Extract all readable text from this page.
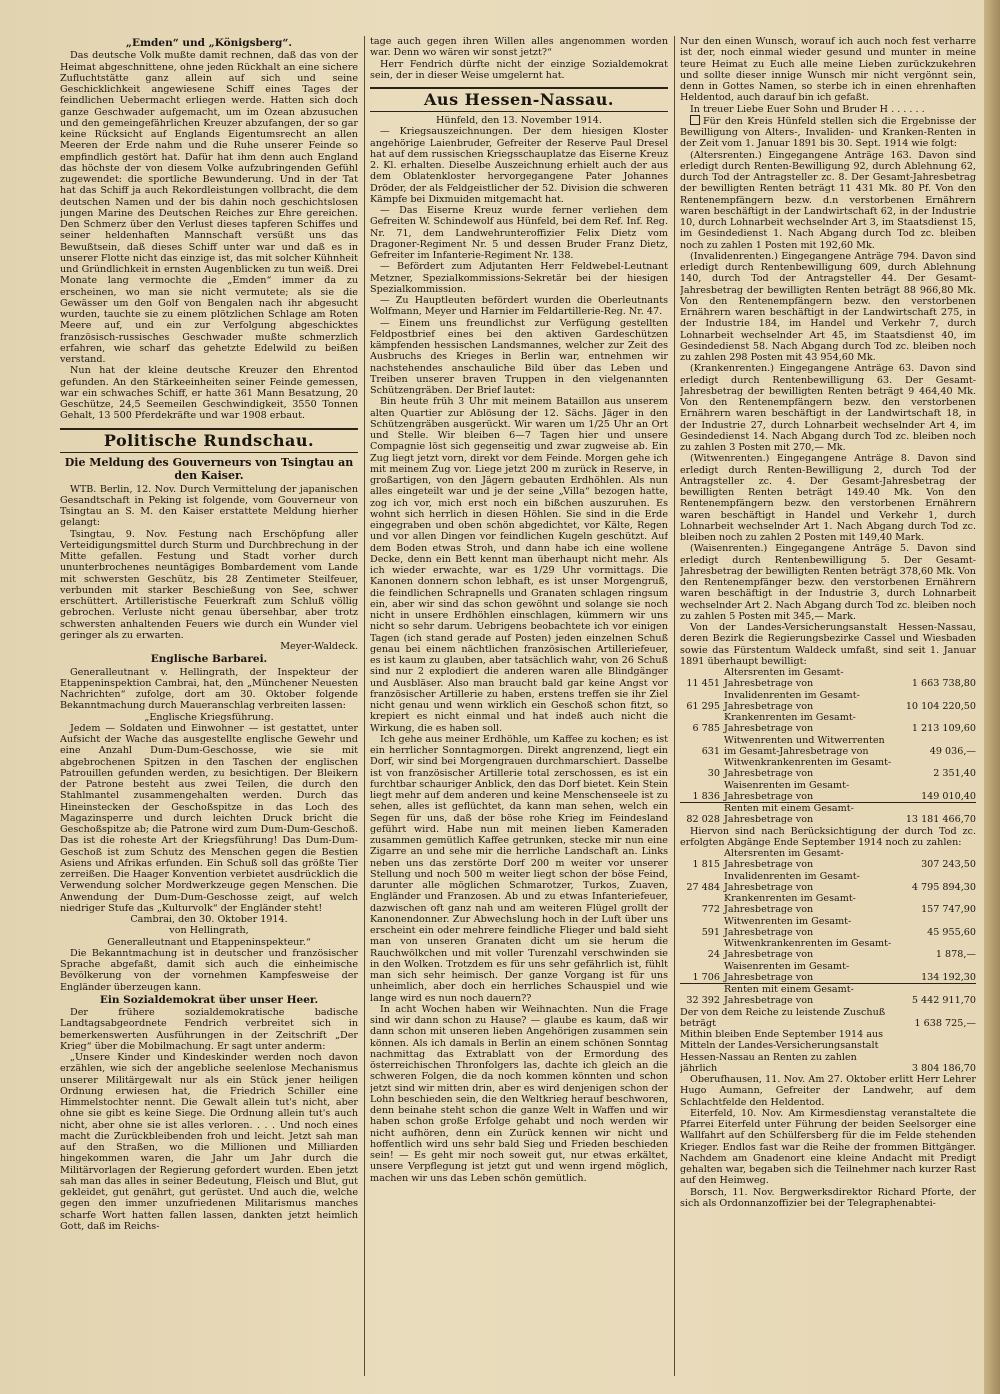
„Emden“ und „Königsberg“.

Das deutsche Volk mußte damit rechnen, daß das von der Heimat abgeschnittene, ohne jeden Rückhalt an eine sichere Zufluchtstätte ganz allein auf sich und seine Geschicklichkeit angewiesene Schiff eines Tages der feindlichen Uebermacht erliegen werde. Hatten sich doch ganze Geschwader aufgemacht, um im Ozean abzusuchen und den gemeingefährlichen Kreuzer abzufangen, der so gar keine Rücksicht auf Englands Eigentumsrecht an allen Meeren der Erde nahm und die Ruhe unserer Feinde so empfindlich gestört hat. Dafür hat ihm denn auch England das höchste der von diesem Volke aufzubringenden Gefühl zugewendet: die sportliche Bewunderung. Und in der Tat hat das Schiff ja auch Rekordleistungen vollbracht, die dem deutschen Namen und der bis dahin noch geschichtslosen jungen Marine des Deutschen Reiches zur Ehre gereichen. Den Schmerz über den Verlust dieses tapferen Schiffes und seiner heldenhaften Mannschaft versüßt uns das Bewußtsein, daß dieses Schiff unter war und daß es in unserer Flotte nicht das einzige ist, das mit solcher Kühnheit und Gründlichkeit in ernsten Augenblicken zu tun weiß. Drei Monate lang vermochte die „Emden“ immer da zu erscheinen, wo man sie nicht vermutete; als sie die Gewässer um den Golf von Bengalen nach ihr abgesucht wurden, tauchte sie zu einem plötzlichen Schlage am Roten Meere auf, und ein zur Verfolgung abgeschicktes französisch-russisches Geschwader mußte schmerzlich erfahren, wie scharf das gehetzte Edelwild zu beißen verstand.

Nun hat der kleine deutsche Kreuzer den Ehrentod gefunden. An den Stärkeeinheiten seiner Feinde gemessen, war ein schwaches Schiff, er hatte 361 Mann Besatzung, 20 Geschütze, 24,5 Seemeilen Geschwindigkeit, 3550 Tonnen Gehalt, 13 500 Pferdekräfte und war 1908 erbaut.

Politische Rundschau.
Die Meldung des Gouverneurs von Tsingtau an den Kaiser.

WTB. Berlin, 12. Nov. Durch Vermittelung der japanischen Gesandtschaft in Peking ist folgende, vom Gouverneur von Tsingtau an S. M. den Kaiser erstattete Meldung hierher gelangt:

Tsingtau, 9. Nov. Festung nach Erschöpfung aller Verteidigungsmittel durch Sturm und Durchbrechung in der Mitte gefallen. Festung und Stadt vorher durch ununterbrochenes neuntägiges Bombardement vom Lande mit schwersten Geschütz, bis 28 Zentimeter Steilfeuer, verbunden mit starker Beschießung von See, schwer erschüttert. Artilleristische Feuerkraft zum Schluß völlig gebrochen. Verluste nicht genau übersehbar, aber trotz schwersten anhaltenden Feuers wie durch ein Wunder viel geringer als zu erwarten.

Meyer-Waldeck.

Englische Barbarei.

Generalleutnant v. Hellingrath, der Inspekteur der Etappeninspektion Cambrai, hat, den „Münchener Neuesten Nachrichten“ zufolge, dort am 30. Oktober folgende Bekanntmachung durch Maueranschlag verbreiten lassen:

„Englische Kriegsführung.

Jedem — Soldaten und Einwohner — ist gestattet, unter Aufsicht der Wache das ausgestellte englische Gewehr und eine Anzahl Dum-Dum-Geschosse, wie sie mit abgebrochenen Spitzen in den Taschen der englischen Patrouillen gefunden werden, zu besichtigen. Der Bleikern der Patrone besteht aus zwei Teilen, die durch den Stahlmantel zusammengehalten werden. Durch das Hineinstecken der Geschoßspitze in das Loch des Magazinsperre und durch leichten Druck bricht die Geschoßspitze ab; die Patrone wird zum Dum-Dum-Geschoß. Das ist die roheste Art der Kriegsführung! Das Dum-Dum-Geschoß ist zum Schutz des Menschen gegen die Bestien Asiens und Afrikas erfunden. Ein Schuß soll das größte Tier zerreißen. Die Haager Konvention verbietet ausdrücklich die Verwendung solcher Mordwerkzeuge gegen Menschen. Die Anwendung der Dum-Dum-Geschosse zeigt, auf welch niedriger Stufe das „Kulturvolk“ der Engländer steht!

Cambrai, den 30. Oktober 1914.

von Hellingrath,

Generalleutnant und Etappeninspekteur.“

Die Bekanntmachung ist in deutscher und französischer Sprache abgefaßt, damit sich auch die einheimische Bevölkerung von der vornehmen Kampfesweise der Engländer überzeugen kann.

Ein Sozialdemokrat über unser Heer.

Der frühere sozialdemokratische badische Landtagsabgeordnete Fendrich verbreitet sich in bemerkenswerten Ausführungen in der Zeitschrift „Der Krieg“ über die Mobilmachung. Er sagt unter anderm:

„Unsere Kinder und Kindeskinder werden noch davon erzählen, wie sich der angebliche seelenlose Mechanismus unserer Militärgewalt nur als ein Stück jener heiligen Ordnung erwiesen hat, die Friedrich Schiller eine Himmelstochter nennt. Die Gewalt allein tut's nicht, aber ohne sie gibt es keine Siege. Die Ordnung allein tut's auch nicht, aber ohne sie ist alles verloren. . . . Und noch eines macht die Zurückbleibenden froh und leicht. Jetzt sah man auf den Straßen, wo die Millionen und Milliarden hingekommen waren, die Jahr um Jahr durch die Militärvorlagen der Regierung gefordert wurden. Eben jetzt sah man das alles in seiner Bedeutung, Fleisch und Blut, gut gekleidet, gut genährt, gut gerüstet. Und auch die, welche gegen den immer unzufriedenen Militarismus manches scharfe Wort hatten fallen lassen, dankten jetzt heimlich Gott, daß im Reichs-

tage auch gegen ihren Willen alles angenommen worden war. Denn wo wären wir sonst jetzt?“

Herr Fendrich dürfte nicht der einzige Sozialdemokrat sein, der in dieser Weise umgelernt hat.

Aus Hessen-Nassau.

Hünfeld, den 13. November 1914.

— Kriegsauszeichnungen. Der dem hiesigen Kloster angehörige Laienbruder, Gefreiter der Reserve Paul Dresel hat auf dem russischen Kriegsschauplatze das Eiserne Kreuz 2. Kl. erhalten. Dieselbe Auszeichnung erhielt auch der aus dem Oblatenkloster hervorgegangene Pater Johannes Dröder, der als Feldgeistlicher der 52. Division die schweren Kämpfe bei Dixmuiden mitgemacht hat.

— Das Eiserne Kreuz wurde ferner verliehen dem Gefreiten W. Schindewolf aus Hünfeld, bei dem Ref. Inf. Reg. Nr. 71, dem Landwehrunteroffizier Felix Dietz vom Dragoner-Regiment Nr. 5 und dessen Bruder Franz Dietz, Gefreiter im Infanterie-Regiment Nr. 138.

— Befördert zum Adjutanten Herr Feldwebel-Leutnant Metzner, Spezialkommissions-Sekretär bei der hiesigen Spezialkommission.

— Zu Hauptleuten befördert wurden die Oberleutnants Wolfmann, Meyer und Harnier im Feldartillerie-Reg. Nr. 47.

— Einem uns freundlichst zur Verfügung gestellten Feldpostbrief eines bei den aktiven Gardeschützen kämpfenden hessischen Landsmannes, welcher zur Zeit des Ausbruchs des Krieges in Berlin war, entnehmen wir nachstehendes anschauliche Bild über das Leben und Treiben unserer braven Truppen in den vielgenannten Schützengräben. Der Brief lautet:

Bin heute früh 3 Uhr mit meinem Bataillon aus unserem alten Quartier zur Ablösung der 12. Sächs. Jäger in den Schützengräben ausgerückt. Wir waren um 1/25 Uhr an Ort und Stelle. Wir bleiben 6—7 Tagen hier und unsere Compagnie löst sich gegenseitig und zwar zugweise ab. Ein Zug liegt jetzt vorn, direkt vor dem Feinde. Morgen gehe ich mit meinem Zug vor. Liege jetzt 200 m zurück in Reserve, in großartigen, von den Jägern gebauten Erdhöhlen. Als nun alles eingeteilt war und je der seine „Villa“ bezogen hatte, zog ich vor, mich erst noch ein bißchen auszuruhen. Es wohnt sich herrlich in diesen Höhlen. Sie sind in die Erde eingegraben und oben schön abgedichtet, vor Kälte, Regen und vor allen Dingen vor feindlichen Kugeln geschützt. Auf dem Boden etwas Stroh, und dann habe ich eine wollene Decke, denn ein Bett kennt man überhaupt nicht mehr. Als ich wieder erwachte, war es 1/29 Uhr vormittags. Die Kanonen donnern schon lebhaft, es ist unser Morgengruß, die feindlichen Schrapnells und Granaten schlagen ringsum ein, aber wir sind das schon gewöhnt und solange sie noch nicht in unsere Erdhöhlen einschlagen, kümmern wir uns nicht so sehr darum. Uebrigens beobachtete ich vor einigen Tagen (ich stand gerade auf Posten) jeden einzelnen Schuß genau bei einem nächtlichen französischen Artilleriefeuer, es ist kaum zu glauben, aber tatsächlich wahr, von 26 Schuß sind nur 2 explodiert die anderen waren alle Blindgänger und Ausbläser. Also man braucht bald gar keine Angst vor französischer Artillerie zu haben, erstens treffen sie ihr Ziel nicht genau und wenn wirklich ein Geschoß schon fitzt, so krepiert es nicht einmal und hat indeß auch nicht die Wirkung, die es haben soll.

Ich gehe aus meiner Erdhöhle, um Kaffee zu kochen; es ist ein herrlicher Sonntagmorgen. Direkt angrenzend, liegt ein Dorf, wir sind bei Morgengrauen durchmarschiert. Dasselbe ist von französischer Artillerie total zerschossen, es ist ein furchtbar schauriger Anblick, den das Dorf bietet. Kein Stein liegt mehr auf dem anderen und keine Menschenseele ist zu sehen, alles ist geflüchtet, da kann man sehen, welch ein Segen für uns, daß der böse rohe Krieg im Feindesland geführt wird. Habe nun mit meinen lieben Kameraden zusammen gemütlich Kaffee getrunken, stecke mir nun eine Zigarre an und sehe mir die herrliche Landschaft an. Links neben uns das zerstörte Dorf 200 m weiter vor unserer Stellung und noch 500 m weiter liegt schon der böse Feind, darunter alle möglichen Schmarotzer, Turkos, Zuaven, Engländer und Franzosen. Ab und zu etwas Infanteriefeuer, dazwischen oft ganz nah und am weiteren Flügel grollt der Kanonendonner. Zur Abwechslung hoch in der Luft über uns erscheint ein oder mehrere feindliche Flieger und bald sieht man von unseren Granaten dicht um sie herum die Rauchwölkchen und mit voller Turenzahl verschwinden sie in den Wolken. Trotzdem es für uns sehr gefährlich ist, fühlt man sich sehr heimisch. Der ganze Vorgang ist für uns unheimlich, aber doch ein herrliches Schauspiel und wie lange wird es nun noch dauern??

In acht Wochen haben wir Weihnachten. Nun die Frage sind wir dann schon zu Hause? — glaube es kaum, daß wir dann schon mit unseren lieben Angehörigen zusammen sein können. Als ich damals in Berlin an einem schönen Sonntag nachmittag das Extrablatt von der Ermordung des österreichischen Thronfolgers las, dachte ich gleich an die schweren Folgen, die da noch kommen könnten und schon jetzt sind wir mitten drin, aber es wird denjenigen schon der Lohn beschieden sein, die den Weltkrieg herauf beschworen, denn beinahe steht schon die ganze Welt in Waffen und wir haben schon große Erfolge gehabt und noch werden wir nicht aufhören, denn ein Zurück kennen wir nicht und hoffentlich wird uns sehr bald Sieg und Frieden beschieden sein! — Es geht mir noch soweit gut, nur etwas erkältet, unsere Verpflegung ist jetzt gut und wenn irgend möglich, machen wir uns das Leben schön gemütlich.

Nur den einen Wunsch, worauf ich auch noch fest verharre ist der, noch einmal wieder gesund und munter in meine teure Heimat zu Euch alle meine Lieben zurückzukehren und sollte dieser innige Wunsch mir nicht vergönnt sein, denn in Gottes Namen, so sterbe ich in einen ehrenhaften Heldentod, auch darauf bin ich gefaßt.

In treuer Liebe Euer Sohn und Bruder H . . . . . .

Für den Kreis Hünfeld stellen sich die Ergebnisse der Bewilligung von Alters-, Invaliden- und Kranken-Renten in der Zeit vom 1. Januar 1891 bis 30. Sept. 1914 wie folgt:

(Altersrenten.) Eingegangene Anträge 163. Davon sind erledigt durch Renten-Bewilligung 92, durch Ablehnung 62, durch Tod der Antragsteller zc. 8. Der Gesamt-Jahresbetrag der bewilligten Renten beträgt 11 431 Mk. 80 Pf. Von den Rentenempfängern bezw. d.n verstorbenen Ernährern waren beschäftigt in der Landwirtschaft 62, in der Industrie 10, durch Lohnarbeit wechselnder Art 3, im Staatsdienst 15, im Gesindedienst 1. Nach Abgang durch Tod zc. bleiben noch zu zahlen 1 Posten mit 192,60 Mk.

(Invalidenrenten.) Eingegangene Anträge 794. Davon sind erledigt durch Rentenbewilligung 609, durch Ablehnung 140, durch Tod der Antragsteller 44. Der Gesamt-Jahresbetrag der bewilligten Renten beträgt 88 966,80 Mk. Von den Rentenempfängern bezw. den verstorbenen Ernährern waren beschäftigt in der Landwirtschaft 275, in der Industrie 184, im Handel und Verkehr 7, durch Lohnarbeit wechselnder Art 45, im Staatsdienst 40, im Gesindedienst 58. Nach Abgang durch Tod zc. bleiben noch zu zahlen 298 Posten mit 43 954,60 Mk.

(Krankenrenten.) Eingegangene Anträge 63. Davon sind erledigt durch Rentenbewilligung 63. Der Gesamt-Jahresbetrag der bewilligten Renten beträgt 9 464,40 Mk. Von den Rentenempfängern bezw. den verstorbenen Ernährern waren beschäftigt in der Landwirtschaft 18, in der Industrie 27, durch Lohnarbeit wechselnder Art 4, im Gesindedienst 14. Nach Abgang durch Tod zc. bleiben noch zu zahlen 3 Posten mit 270,— Mk.

(Witwenrenten.) Eingegangene Anträge 8. Davon sind erledigt durch Renten-Bewilligung 2, durch Tod der Antragsteller zc. 4. Der Gesamt-Jahresbetrag der bewilligten Renten beträgt 149.40 Mk. Von den Rentenempfängern bezw. den verstorbenen Ernährern waren beschäftigt in Handel und Verkehr 1, durch Lohnarbeit wechselnder Art 1. Nach Abgang durch Tod zc. bleiben noch zu zahlen 2 Posten mit 149,40 Mark.

(Waisenrenten.) Eingegangene Anträge 5. Davon sind erledigt durch Rentenbewilligung 5. Der Gesamt-Jahresbetrag der bewilligten Renten beträgt 378,60 Mk. Von den Rentenempfänger bezw. den verstorbenen Ernährern waren beschäftigt in der Industrie 3, durch Lohnarbeit wechselnder Art 2. Nach Abgang durch Tod zc. bleiben noch zu zahlen 5 Posten mit 345,— Mark.

Von der Landes-Versicherungsanstalt Hessen-Nassau, deren Bezirk die Regierungsbezirke Cassel und Wiesbaden sowie das Fürstentum Waldeck umfaßt, sind seit 1. Januar 1891 überhaupt bewilligt:

11 451	Altersrenten im Gesamt-Jahresbetrage von	1 663 738,80
61 295	Invalidenrenten im Gesamt-Jahresbetrage von	10 104 220,50
6 785	Krankenrenten im Gesamt-Jahresbetrage von	1 213 109,60
631	Witwenrenten und Witwerrenten im Gesamt-Jahresbetrage von	49 036,—
30	Witwenkrankenrenten im Gesamt-Jahresbetrage von	2 351,40
1 836	Waisenrenten im Gesamt-Jahresbetrage von	149 010,40
82 028	Renten mit einem Gesamt-Jahresbetrage von	13 181 466,70

Hiervon sind nach Berücksichtigung der durch Tod zc. erfolgten Abgänge Ende September 1914 noch zu zahlen:

1 815	Altersrenten im Gesamt-Jahresbetrage von	307 243,50
27 484	Invalidenrenten im Gesamt-Jahresbetrage von	4 795 894,30
772	Krankenrenten im Gesamt-Jahresbetrage von	157 747,90
591	Witwenrenten im Gesamt-Jahresbetrage von	45 955,60
24	Witwenkrankenrenten im Gesamt-Jahresbetrage von	1 878,—
1 706	Waisenrenten im Gesamt-Jahresbetrage von	134 192,30
32 392	Renten mit einem Gesamt-Jahresbetrage von	5 442 911,70
Der von dem Reiche zu leistende Zuschuß beträgt	1 638 725,—
Mithin bleiben Ende September 1914 aus Mitteln der Landes-Versicherungsanstalt Hessen-Nassau an Renten zu zahlen jährlich	3 804 186,70

Oberufhausen, 11. Nov. Am 27. Oktober erlitt Herr Lehrer Hugo Aumann, Gefreiter der Landwehr, auf dem Schlachtfelde den Heldentod.

Eiterfeld, 10. Nov. Am Kirmesdienstag veranstaltete die Pfarrei Eiterfeld unter Führung der beiden Seelsorger eine Wallfahrt auf den Schülfersberg für die im Felde stehenden Krieger. Endlos fast war die Reihe der frommen Bittgänger. Nachdem am Gnadenort eine kleine Andacht mit Predigt gehalten war, begaben sich die Teilnehmer nach kurzer Rast auf den Heimweg.

Borsch, 11. Nov. Bergwerksdirektor Richard Pforte, der sich als Ordonnanzoffizier bei der Telegraphenabtei-
